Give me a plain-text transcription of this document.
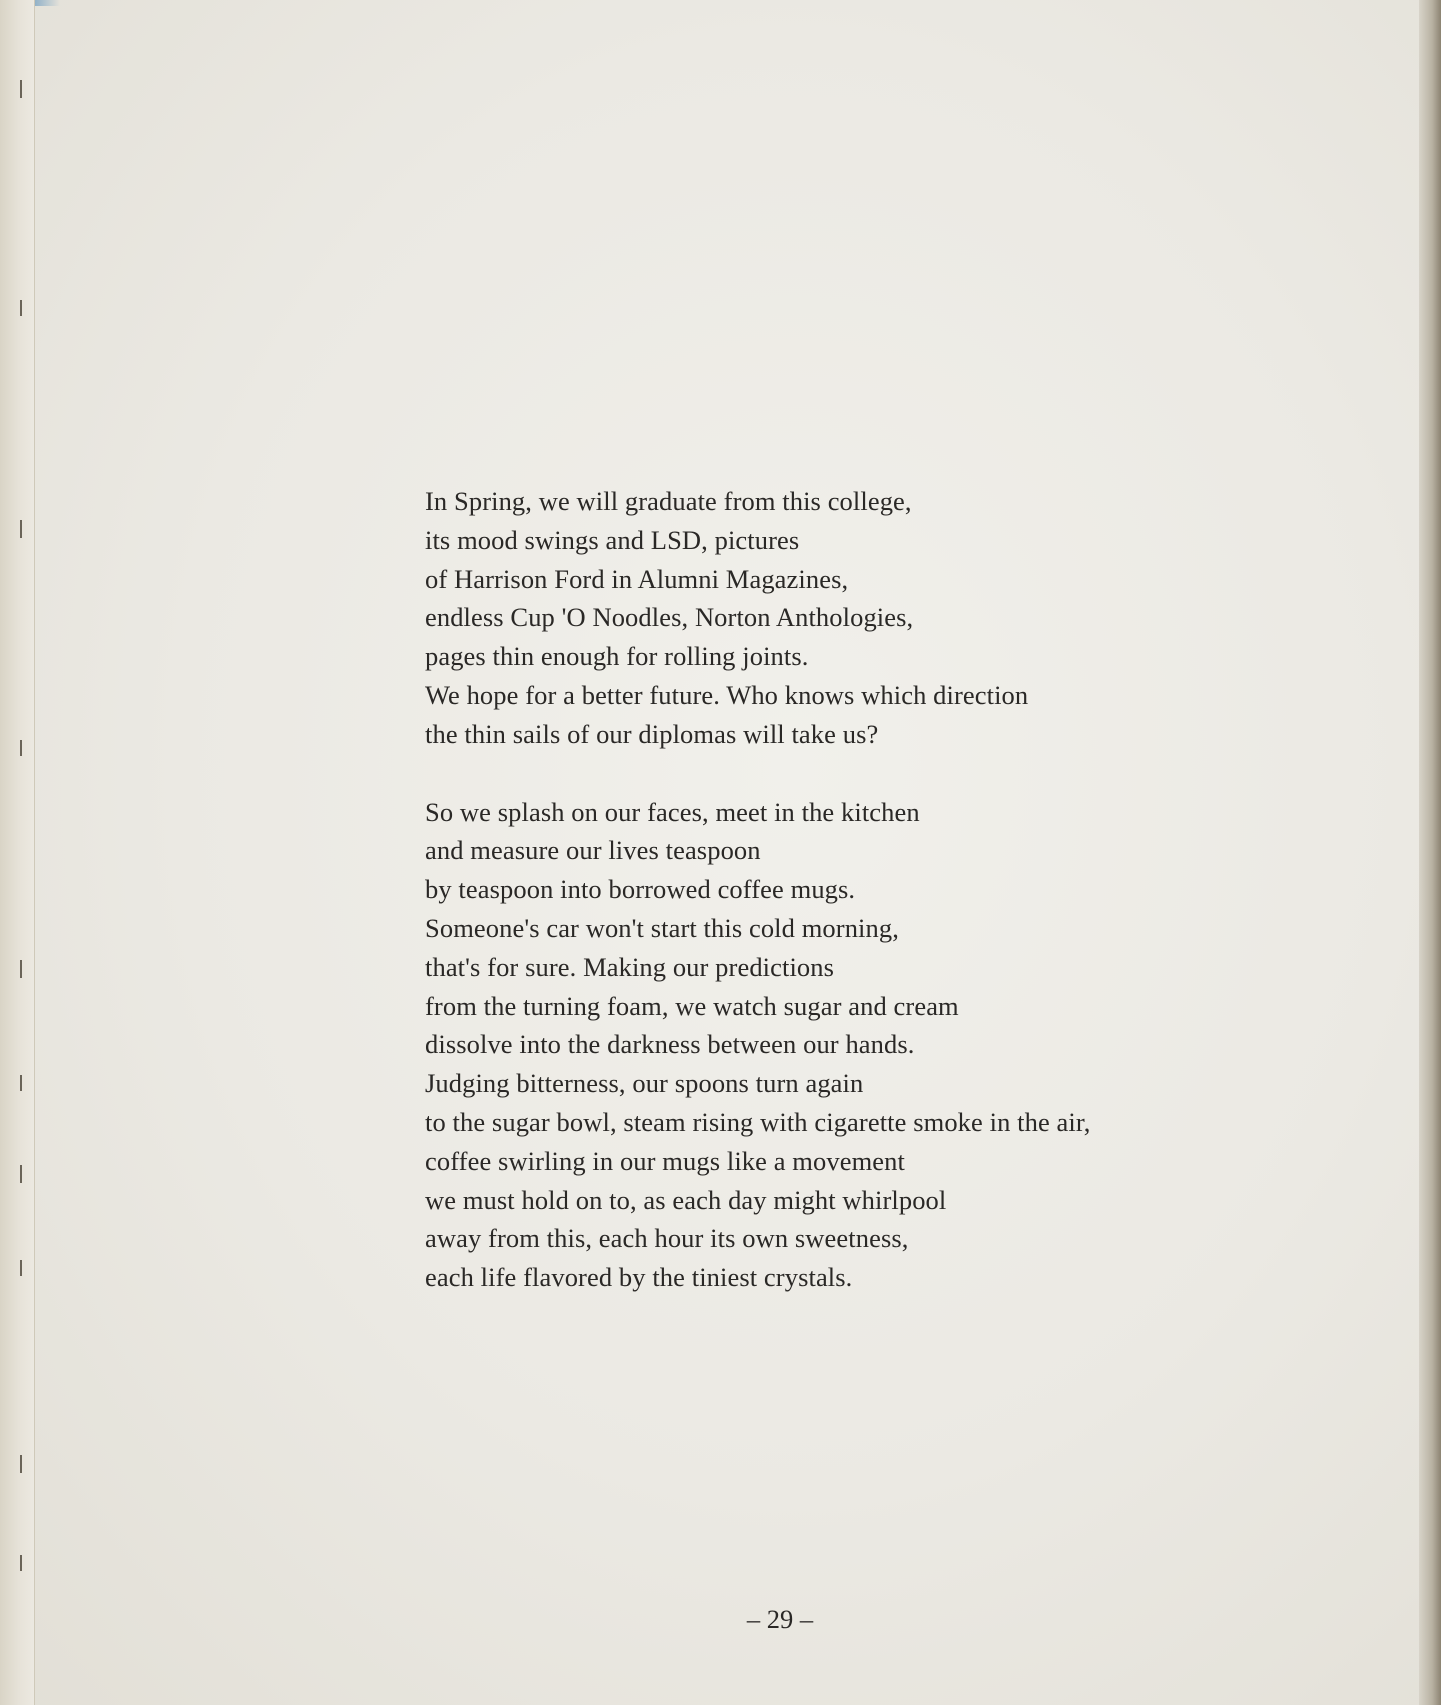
In Spring, we will graduate from this college,
its mood swings and LSD, pictures
of Harrison Ford in Alumni Magazines,
endless Cup 'O Noodles, Norton Anthologies,
pages thin enough for rolling joints.
We hope for a better future. Who knows which direction
the thin sails of our diplomas will take us?
So we splash on our faces, meet in the kitchen
and measure our lives teaspoon
by teaspoon into borrowed coffee mugs.
Someone's car won't start this cold morning,
that's for sure. Making our predictions
from the turning foam, we watch sugar and cream
dissolve into the darkness between our hands.
Judging bitterness, our spoons turn again
to the sugar bowl, steam rising with cigarette smoke in the air,
coffee swirling in our mugs like a movement
we must hold on to, as each day might whirlpool
away from this, each hour its own sweetness,
each life flavored by the tiniest crystals.
– 29 –
